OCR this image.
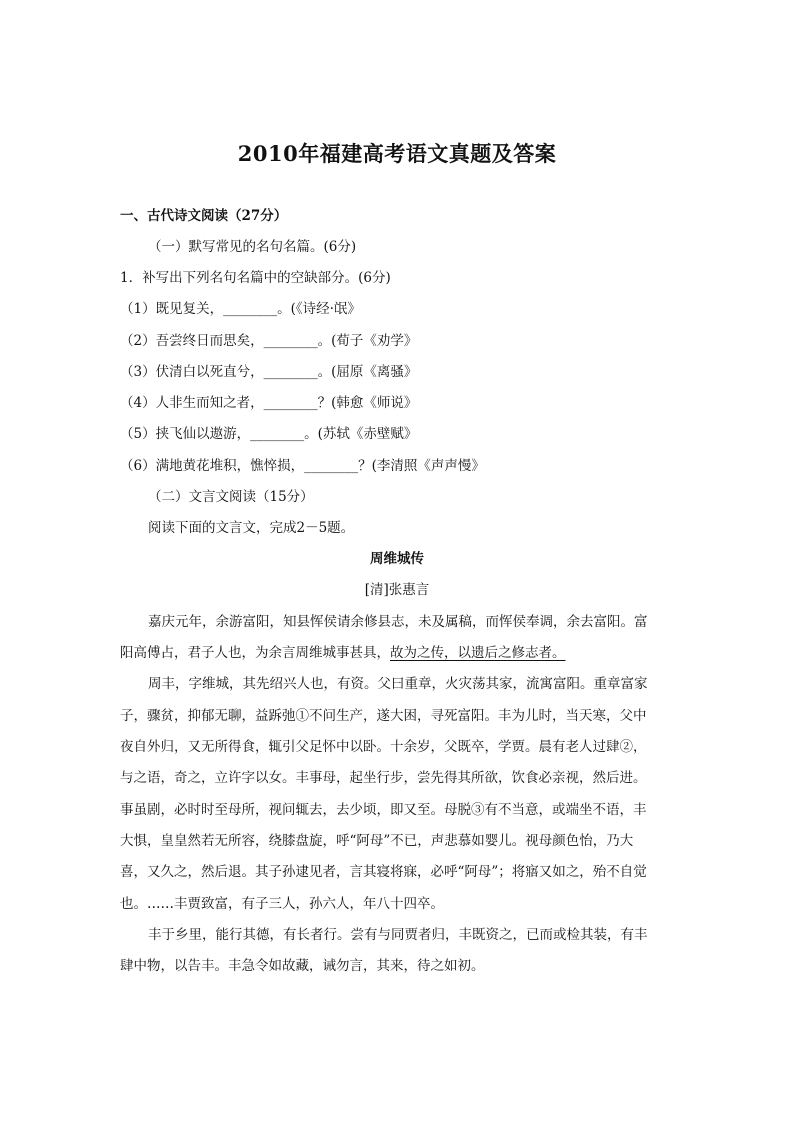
2010年福建高考语文真题及答案
一、古代诗文阅读（27分）
（一）默写常见的名句名篇。(6分)
1．补写出下列名句名篇中的空缺部分。(6分)
（1）既见复关，________。(《诗经·氓》
（2）吾尝终日而思矣，________。(荀子《劝学》
（3）伏清白以死直兮，________。(屈原《离骚》
（4）人非生而知之者，________？(韩愈《师说》
（5）挟飞仙以遨游，________。(苏轼《赤壁赋》
（6）满地黄花堆积，憔悴损，________？(李清照《声声慢》
（二）文言文阅读（15分）
阅读下面的文言文，完成2－5题。
周维城传
[清]张惠言
嘉庆元年，余游富阳，知县恽侯请余修县志，未及属稿，而恽侯奉调，余去富阳。富
阳高傅占，君子人也，为余言周维城事甚具，故为之传，以遗后之修志者。
周丰，字维城，其先绍兴人也，有资。父曰重章，火灾荡其家，流寓富阳。重章富家
子，骤贫，抑郁无聊，益跅弛①不问生产，遂大困，寻死富阳。丰为儿时，当天寒，父中
夜自外归，又无所得食，辄引父足怀中以卧。十余岁，父既卒，学贾。晨有老人过肆②，
与之语，奇之，立许字以女。丰事母，起坐行步，尝先得其所欲，饮食必亲视，然后进。
事虽剧，必时时至母所，视问辄去，去少顷，即又至。母脱③有不当意，或端坐不语，丰
大惧，皇皇然若无所容，绕膝盘旋，呼“阿母”不已，声悲慕如婴儿。视母颜色怡，乃大
喜，又久之，然后退。其子孙逮见者，言其寝将寐，必呼“阿母”；将寤又如之，殆不自觉
也。……丰贾致富，有子三人，孙六人，年八十四卒。
丰于乡里，能行其德，有长者行。尝有与同贾者归，丰既资之，已而或检其装，有丰
肆中物，以告丰。丰急令如故藏，诫勿言，其来，待之如初。
